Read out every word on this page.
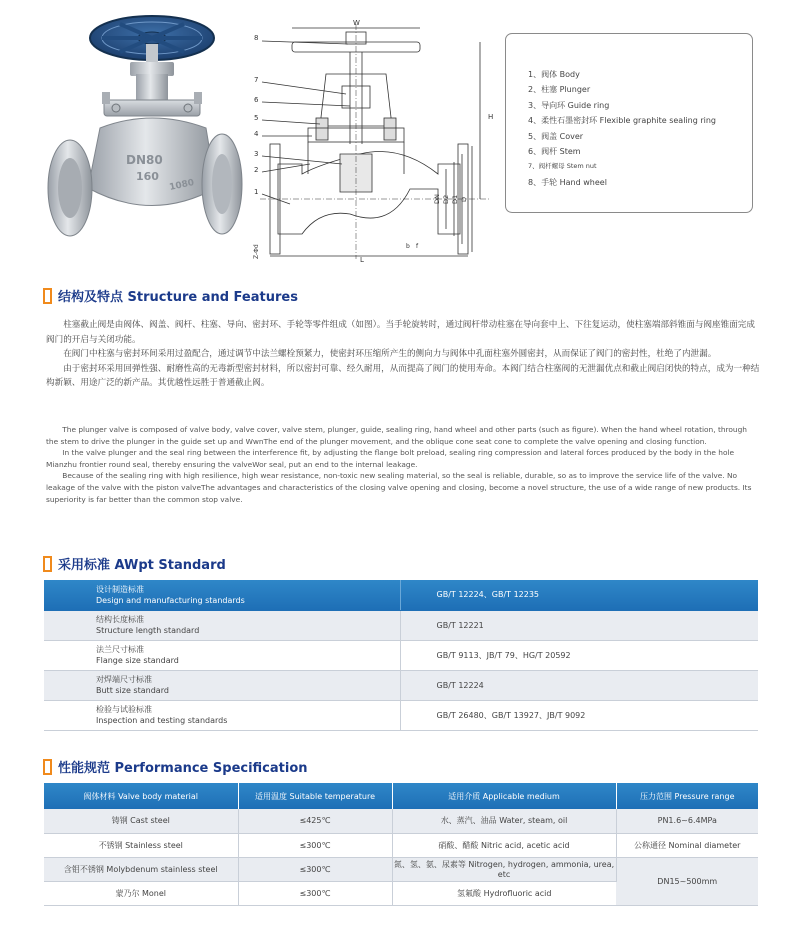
DN80
160
1080
W
8
7
6
5
4
3
2
1
H
DN D2 D1 D
L
b f
Z-Φd
1、阀体 Body
2、柱塞 Plunger
3、导向环 Guide ring
4、柔性石墨密封环 Flexible graphite sealing ring
5、阀盖 Cover
6、阀杆 Stem
7、阀杆螺母 Stem nut
8、手轮 Hand wheel
结构及特点 Structure and Features

柱塞截止阀是由阀体、阀盖、阀杆、柱塞、导向、密封环、手轮等零件组成（如图）。当手轮旋转时，通过阀杆带动柱塞在导向套中上、下往复运动，使柱塞端部斜锥面与阀座锥面完成阀门的开启与关闭功能。

在阀门中柱塞与密封环间采用过盈配合，通过调节中法兰螺栓预紧力，使密封环压缩所产生的侧向力与阀体中孔面柱塞外圆密封，从而保证了阀门的密封性，杜绝了内泄漏。

由于密封环采用回弹性强、耐磨性高的无毒新型密封材料，所以密封可靠、经久耐用，从而提高了阀门的使用寿命。本阀门结合柱塞阀的无泄漏优点和截止阀启闭快的特点，成为一种结构新颖、用途广泛的新产品。其优越性远胜于普通截止阀。

The plunger valve is composed of valve body, valve cover, valve stem, plunger, guide, sealing ring, hand wheel and other parts (such as figure). When the hand wheel rotation, through the stem to drive the plunger in the guide set up and WwnThe end of the plunger movement, and the oblique cone seat cone to complete the valve opening and closing function.

In the valve plunger and the seal ring between the interference fit, by adjusting the flange bolt preload, sealing ring compression and lateral forces produced by the body in the hole Mianzhu frontier round seal, thereby ensuring the valveWor seal, put an end to the internal leakage.

Because of the sealing ring with high resilience, high wear resistance, non-toxic new sealing material, so the seal is reliable, durable, so as to improve the service life of the valve. No leakage of the valve with the piston valveThe advantages and characteristics of the closing valve opening and closing, become a novel structure, the use of a wide range of new products. Its superiority is far better than the common stop valve.

采用标准 AWpt Standard
设计制造标准
Design and manufacturing standards	GB/T 12224、GB/T 12235

结构长度标准
Structure length standard	GB/T 12221

法兰尺寸标准
Flange size standard	GB/T 9113、JB/T 79、HG/T 20592

对焊端尺寸标准
Butt size standard	GB/T 12224

检验与试验标准
Inspection and testing standards	GB/T 26480、GB/T 13927、JB/T 9092
性能规范 Performance Specification
阀体材料 Valve body material	适用温度 Suitable temperature	适用介质 Applicable medium	压力范围 Pressure range
铸钢 Cast steel	≤425℃	水、蒸汽、油品 Water, steam, oil	PN1.6~6.4MPa
不锈钢 Stainless steel	≤300℃	硝酸、醋酸 Nitric acid, acetic acid	公称通径 Nominal diameter
含钼不锈钢 Molybdenum stainless steel	≤300℃	氮、氢、氨、尿素等 Nitrogen, hydrogen, ammonia, urea, etc	DN15~500mm
蒙乃尔 Monel	≤300℃	氢氟酸 Hydrofluoric acid	
